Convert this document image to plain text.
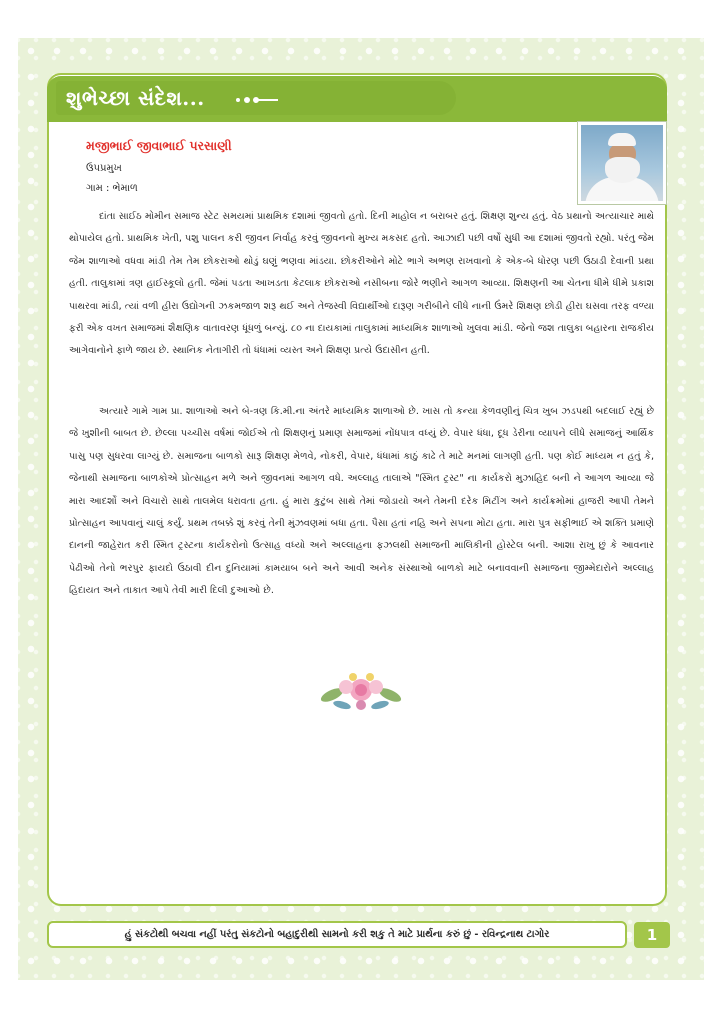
શુભેચ્છા સંદેશ...
મજીભાઈ જીવાભાઈ પરસાણી
ઉપપ્રમુખ
ગામ : ભેમાળ

દાંતા સાઈઠ મોમીન સમાજ સ્ટેટ સમયમાં પ્રાથમિક દશામાં જીવતો હતો. દિની માહોલ ન બરાબર હતું. શિક્ષણ શુન્ય હતું. વેઠ પ્રથાનો અત્યાચાર માથે થોપાયેલ હતો. પ્રાથમિક ખેતી, પશુ પાલન કરી જીવન નિર્વાહ કરવું જીવનનો મુખ્ય મકસદ હતો. આઝાદી પછી વર્ષો સુધી આ દશામાં જીવતો રહ્યો. પરંતુ જેમ જેમ શાળાઓ વધવા માંડી તેમ તેમ છોકરાઓ થોડું ઘણું ભણવા માંડયા. છોકરીઓને મોટે ભાગે અભણ રાખવાનો કે એક-બે ધોરણ પછી ઉઠાડી દેવાની પ્રથા હતી. તાલુકામાં ત્રણ હાઈસ્કૂલો હતી. જેમાં પડતા આખડતા કેટલાક છોકરાઓ નસીબના જોરે ભણીને આગળ આવ્યા. શિક્ષણની આ ચેતના ધીમે ધીમે પ્રકાશ પાથરવા માંડી, ત્યાં વળી હીરા ઉદ્યોગની ઝકમજાળ શરૂ થઈ અને તેજસ્વી વિદ્યાર્થીઓ દારૂણ ગરીબીને લીધે નાની ઉંમરે શિક્ષણ છોડી હીરા ઘસવા તરફ વળ્યા ફરી એક વખત સમાજમાં શૈક્ષણિક વાતાવરણ ધૂંધળું બન્યું. ૮૦ ના દાયકામાં તાલુકામાં માધ્યમિક શાળાઓ ખુલવા માંડી. જેનો જશ તાલુકા બહારના રાજકીય આગેવાનોને ફાળે જાય છે. સ્થાનિક નેતાગીરી તો ધંધામાં વ્યસ્ત અને શિક્ષણ પ્રત્યે ઉદાસીન હતી.

અત્યારે ગામે ગામ પ્રા. શાળાઓ અને બે-ત્રણ કિ.મી.ના અંતરે માધ્યમિક શાળાઓ છે. ખાસ તો કન્યા કેળવણીનું ચિત્ર ખુબ ઝડપથી બદલાઈ રહ્યું છે જે ખુશીની બાબત છે. છેલ્લા પચ્ચીસ વર્ષમાં જોઈએ તો શિક્ષણનું પ્રમાણ સમાજમાં નોંધપાત્ર વધ્યું છે. વેપાર ધંધા, દૂધ ડેરીના વ્યાપને લીધે સમાજનું આર્થિક પાસુ પણ સુધરવા લાગ્યું છે. સમાજના બાળકો સારૂ શિક્ષણ મેળવે, નોકરી, વેપાર, ધંધામાં કાઠું કાઢે તે માટે મનમાં લાગણી હતી. પણ કોઈ માધ્યમ ન હતું કે, જેનાથી સમાજના બાળકોએ પ્રોત્સાહન મળે અને જીવનમાં આગળ વધે. અલ્લાહ તાલાએ "સ્મિત ટ્રસ્ટ" ના કાર્યકરો મુઝાહિદ બની ને આગળ આવ્યા જે મારા આદર્શો અને વિચારો સાથે તાલમેલ ધરાવતા હતા. હું મારા કુટુંબ સાથે તેમાં જોડાયો અને તેમની દરેક મિટીંગ અને કાર્યક્રમોમાં હાજરી આપી તેમને પ્રોત્સાહન આપવાનું ચાલું કર્યું. પ્રથમ તબક્કે શું કરવું તેની મુંઝવણમાં બધા હતા. પૈસા હતાં નહિ અને સપના મોટા હતા. મારા પુત્ર સફીભાઈ એ શક્તિ પ્રમાણે દાનની જાહેરાત કરી સ્મિત ટ્રસ્ટના કાર્યકરોનો ઉત્સાહ વધ્યો અને અલ્લાહના ફઝલથી સમાજની માલિકીની હોસ્ટેલ બની. આશા રાખુ છું કે આવનાર પેઢીઓ તેનો ભરપુર ફાયદો ઉઠાવી દીન દુનિયામાં કામયાબ બને અને આવી અનેક સંસ્થાઓ બાળકો માટે બનાવવાની સમાજના જીમ્મેદારોને અલ્લાહ હિદાયત અને તાકાત આપે તેવી મારી દિલી દુઆઓ છે.

હું સંકટોથી બચવા નહીં પરંતુ સંકટોનો બહાદુરીથી સામનો કરી શકુ તે માટે પ્રાર્થના કરું છું - રવિન્દ્રનાથ ટાગોર	1
